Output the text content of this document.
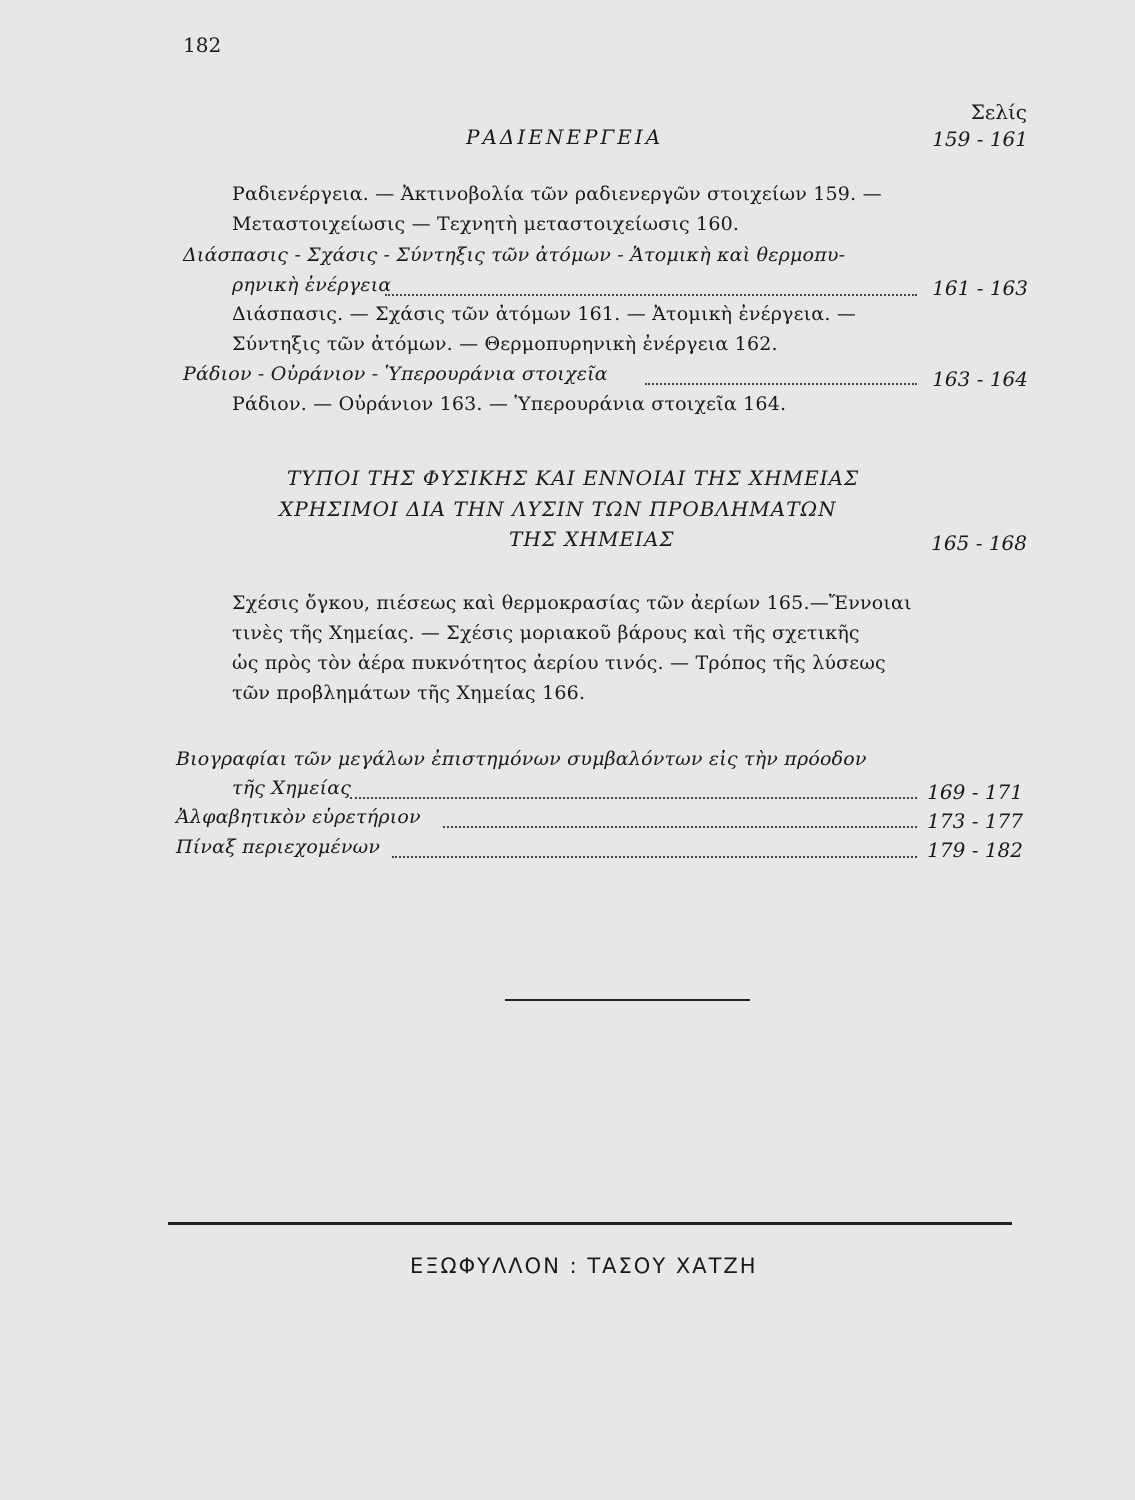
182
Σελίς
ΡΑΔΙΕΝΕΡΓΕΙΑ	159 - 161
Ραδιενέργεια. — Ἀκτινοβολία τῶν ραδιενεργῶν στοιχείων 159. —
Μεταστοιχείωσις — Τεχνητὴ μεταστοιχείωσις 160.
Διάσπασις - Σχάσις - Σύντηξις τῶν ἀτόμων - Ἀτομικὴ καὶ θερμοπυ-
ρηνικὴ ἐνέργεια	161 - 163
Διάσπασις. — Σχάσις τῶν ἀτόμων 161. — Ἀτομικὴ ἐνέργεια. —
Σύντηξις τῶν ἀτόμων. — Θερμοπυρηνικὴ ἐνέργεια 162.
Ράδιον - Οὐράνιον - Ὑπερουράνια στοιχεῖα	163 - 164
Ράδιον. — Οὐράνιον 163. — Ὑπερουράνια στοιχεῖα 164.
ΤΥΠΟΙ ΤΗΣ ΦΥΣΙΚΗΣ ΚΑΙ ΕΝΝΟΙΑΙ ΤΗΣ ΧΗΜΕΙΑΣ
ΧΡΗΣΙΜΟΙ ΔΙΑ ΤΗΝ ΛΥΣΙΝ ΤΩΝ ΠΡΟΒΛΗΜΑΤΩΝ
ΤΗΣ ΧΗΜΕΙΑΣ	165 - 168
Σχέσις ὄγκου, πιέσεως καὶ θερμοκρασίας τῶν ἀερίων 165.—Ἔννοιαι
τινὲς τῆς Χημείας. — Σχέσις μοριακοῦ βάρους καὶ τῆς σχετικῆς
ὡς πρὸς τὸν ἀέρα πυκνότητος ἀερίου τινός. — Τρόπος τῆς λύσεως
τῶν προβλημάτων τῆς Χημείας 166.
Βιογραφίαι τῶν μεγάλων ἐπιστημόνων συμβαλόντων εἰς τὴν πρόοδον
τῆς Χημείας	169 - 171
Ἀλφαβητικὸν εὑρετήριον	173 - 177
Πίναξ περιεχομένων	179 - 182
ΕΞΩΦΥΛΛΟΝ : ΤΑΣΟΥ ΧΑΤΖΗ
